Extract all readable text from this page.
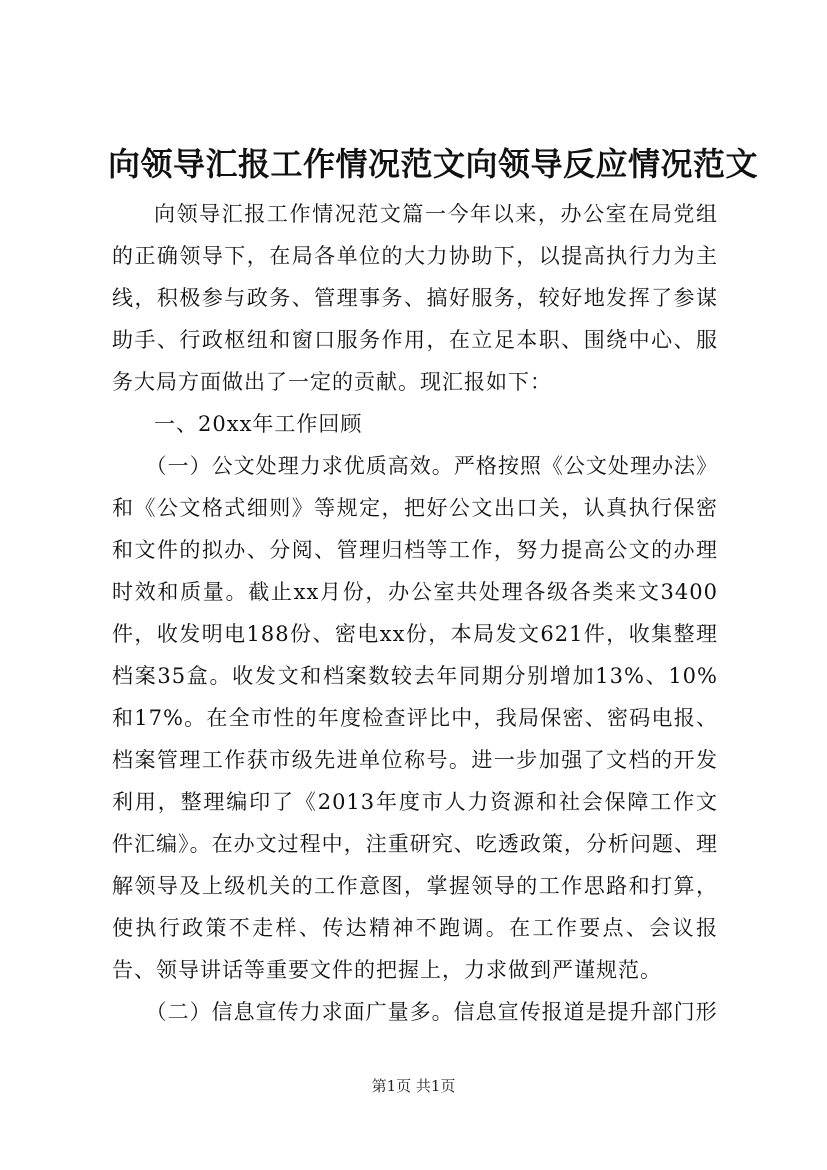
向领导汇报工作情况范文向领导反应情况范文

向领导汇报工作情况范文篇一今年以来，办公室在局党组的正确领导下，在局各单位的大力协助下，以提高执行力为主线，积极参与政务、管理事务、搞好服务，较好地发挥了参谋助手、行政枢纽和窗口服务作用，在立足本职、围绕中心、服务大局方面做出了一定的贡献。现汇报如下：

一、20xx年工作回顾

（一）公文处理力求优质高效。严格按照《公文处理办法》和《公文格式细则》等规定，把好公文出口关，认真执行保密和文件的拟办、分阅、管理归档等工作，努力提高公文的办理时效和质量。截止xx月份，办公室共处理各级各类来文3400件，收发明电188份、密电xx份，本局发文621件，收集整理档案35盒。收发文和档案数较去年同期分别增加13%、10%和17%。在全市性的年度检查评比中，我局保密、密码电报、档案管理工作获市级先进单位称号。进一步加强了文档的开发利用，整理编印了《2013年度市人力资源和社会保障工作文件汇编》。在办文过程中，注重研究、吃透政策，分析问题、理解领导及上级机关的工作意图，掌握领导的工作思路和打算，使执行政策不走样、传达精神不跑调。在工作要点、会议报告、领导讲话等重要文件的把握上，力求做到严谨规范。

（二）信息宣传力求面广量多。信息宣传报道是提升部门形

第1页 共1页
